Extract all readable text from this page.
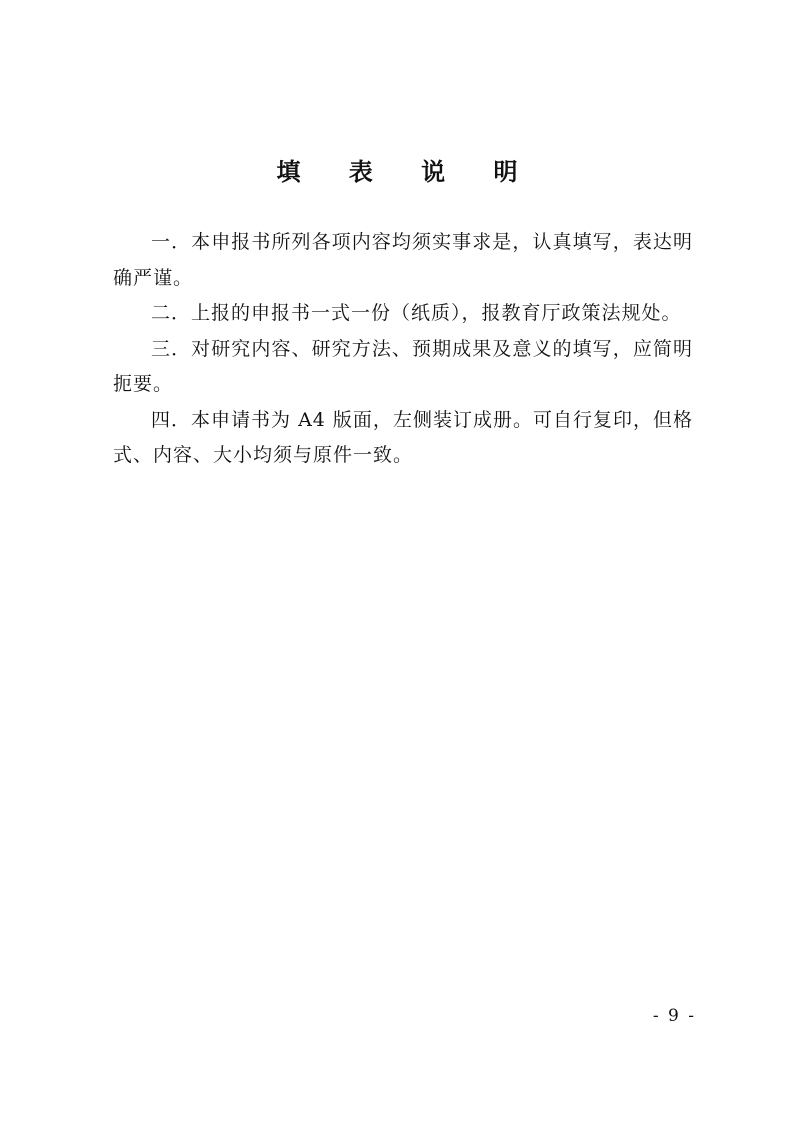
填 表 说 明

一．本申报书所列各项内容均须实事求是，认真填写，表达明确严谨。

二．上报的申报书一式一份（纸质），报教育厅政策法规处。

三．对研究内容、研究方法、预期成果及意义的填写，应简明扼要。

四．本申请书为 A4 版面，左侧装订成册。可自行复印，但格式、内容、大小均须与原件一致。

- 9 -
